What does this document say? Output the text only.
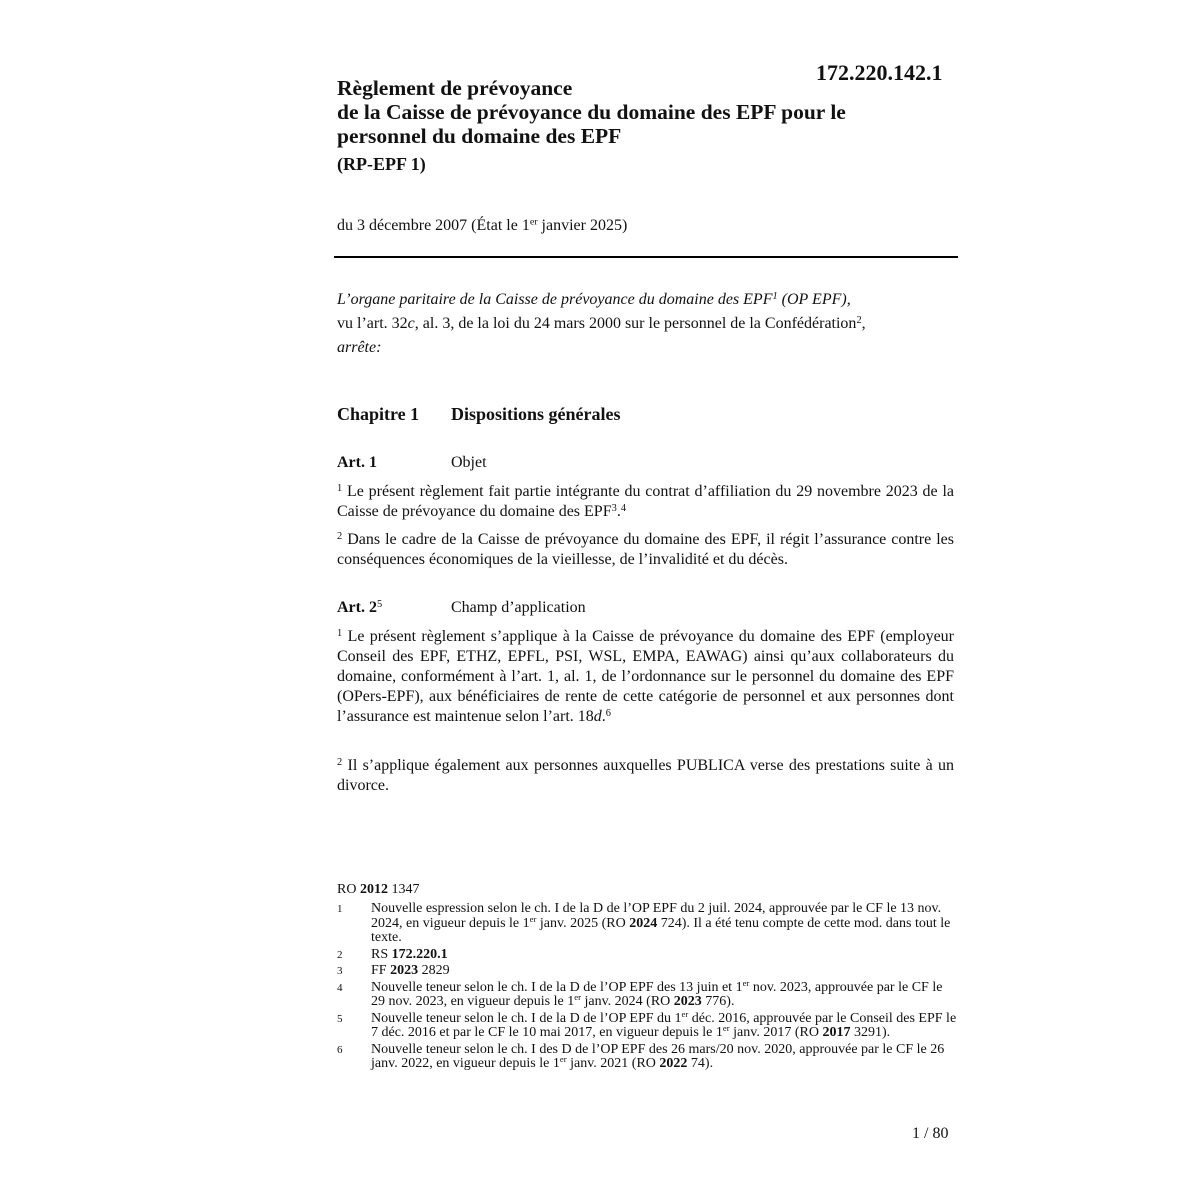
172.220.142.1
Règlement de prévoyance
de la Caisse de prévoyance du domaine des EPF pour le
personnel du domaine des EPF
(RP-EPF 1)
du 3 décembre 2007 (État le 1er janvier 2025)
L’organe paritaire de la Caisse de prévoyance du domaine des EPF$^1$ (OP EPF),
vu l’art. 32c, al. 3, de la loi du 24 mars 2000 sur le personnel de la Confédération$^2$,
arrête:
Chapitre 1 Dispositions générales
Art. 1	Objet

$^1$ Le présent règlement fait partie intégrante du contrat d’affiliation du 29 novembre 2023 de la Caisse de prévoyance du domaine des EPF$^3$.$^4$

$^2$ Dans le cadre de la Caisse de prévoyance du domaine des EPF, il régit l’assurance contre les conséquences économiques de la vieillesse, de l’invalidité et du décès.

Art. $2^5$	Champ d’application

$^1$ Le présent règlement s’applique à la Caisse de prévoyance du domaine des EPF (employeur Conseil des EPF, ETHZ, EPFL, PSI, WSL, EMPA, EAWAG) ainsi qu’aux collaborateurs du domaine, conformément à l’art. 1, al. 1, de l’ordonnance sur le personnel du domaine des EPF (OPers-EPF), aux bénéficiaires de rente de cette catégorie de personnel et aux personnes dont l’assurance est maintenue selon l’art. 18d.$^6$

$^2$ Il s’applique également aux personnes auxquelles PUBLICA verse des prestations suite à un divorce.

RO 2012 1347
1 Nouvelle espression selon le ch. I de la D de l’OP EPF du 2 juil. 2024, approuvée par le CF le 13 nov. 2024, en vigueur depuis le 1er janv. 2025 (RO 2024 724). Il a été tenu compte de cette mod. dans tout le texte.
2 RS 172.220.1
3 FF 2023 2829
4 Nouvelle teneur selon le ch. I de la D de l’OP EPF des 13 juin et 1er nov. 2023, approuvée par le CF le 29 nov. 2023, en vigueur depuis le 1er janv. 2024 (RO 2023 776).
5 Nouvelle teneur selon le ch. I de la D de l’OP EPF du 1er déc. 2016, approuvée par le Conseil des EPF le 7 déc. 2016 et par le CF le 10 mai 2017, en vigueur depuis le 1er janv. 2017 (RO 2017 3291).
6 Nouvelle teneur selon le ch. I des D de l’OP EPF des 26 mars/20 nov. 2020, approuvée par le CF le 26 janv. 2022, en vigueur depuis le 1er janv. 2021 (RO 2022 74).
1 / 80
